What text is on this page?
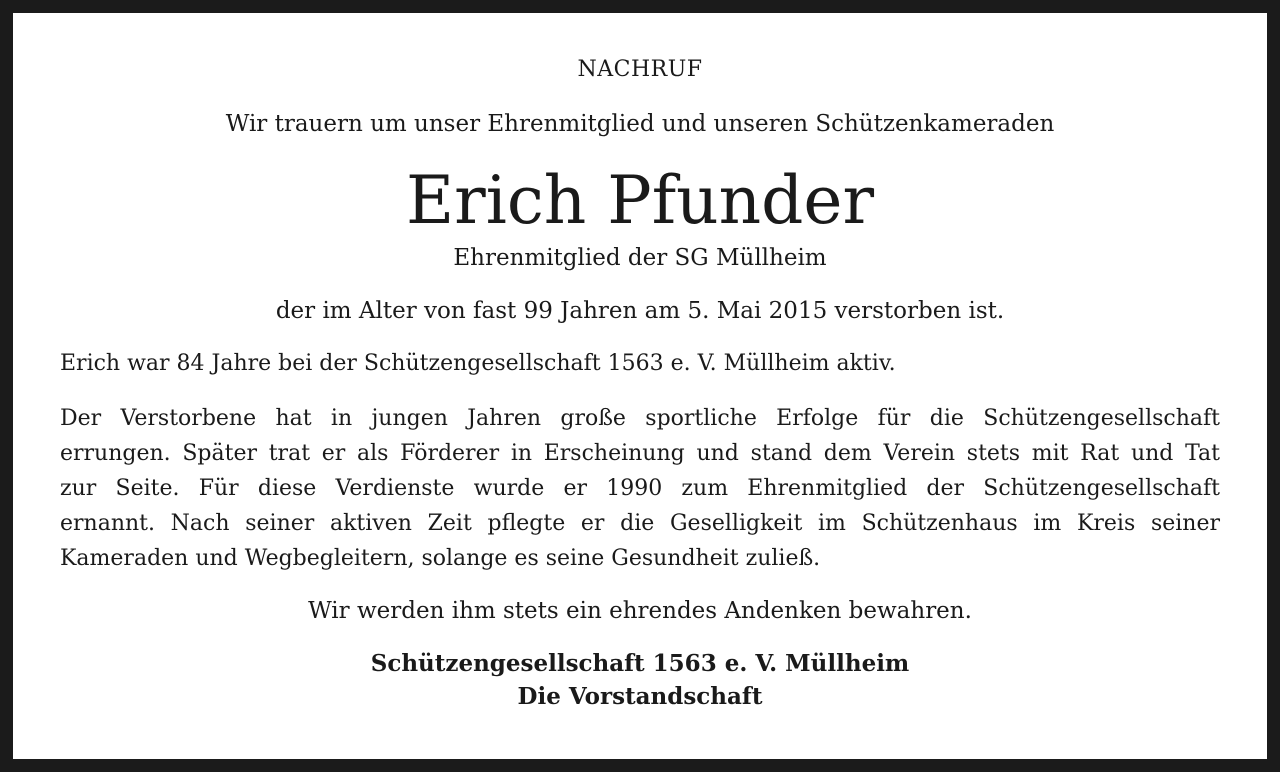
NACHRUF
Wir trauern um unser Ehrenmitglied und unseren Schützenkameraden
Erich Pfunder
Ehrenmitglied der SG Müllheim
der im Alter von fast 99 Jahren am 5. Mai 2015 verstorben ist.
Erich war 84 Jahre bei der Schützengesellschaft 1563 e. V. Müllheim aktiv.
Der Verstorbene hat in jungen Jahren große sportliche Erfolge für die Schützengesellschaft
errungen. Später trat er als Förderer in Erscheinung und stand dem Verein stets mit Rat und Tat
zur Seite. Für diese Verdienste wurde er 1990 zum Ehrenmitglied der Schützengesellschaft
ernannt. Nach seiner aktiven Zeit pflegte er die Geselligkeit im Schützenhaus im Kreis seiner
Kameraden und Wegbegleitern, solange es seine Gesundheit zuließ.
Wir werden ihm stets ein ehrendes Andenken bewahren.
Schützengesellschaft 1563 e. V. Müllheim
Die Vorstandschaft
